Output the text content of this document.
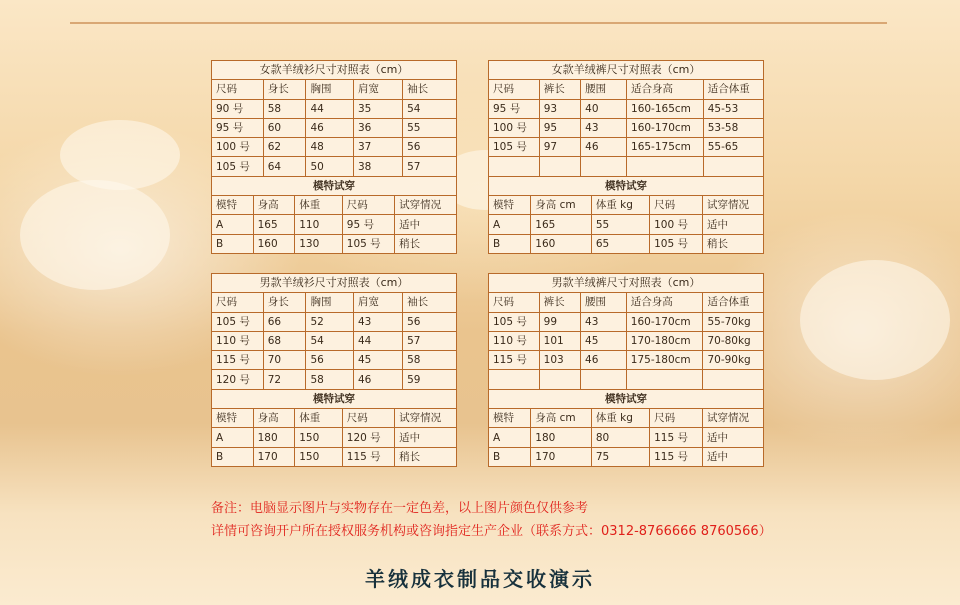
女款羊绒衫尺寸对照表（cm）				
尺码	身长	胸围	肩宽	袖长
90 号	58	44	35	54
95 号	60	46	36	55
100 号	62	48	37	56
105 号	64	50	38	57
模特试穿				
模特	身高	体重	尺码	试穿情况
A	165	110	95 号	适中
B	160	130	105 号	稍长
女款羊绒裤尺寸对照表（cm）				
尺码	裤长	腰围	适合身高	适合体重
95 号	93	40	160-165cm	45-53
100 号	95	43	160-170cm	53-58
105 号	97	46	165-175cm	55-65

模特试穿				
模特	身高 cm	体重 kg	尺码	试穿情况
A	165	55	100 号	适中
B	160	65	105 号	稍长
男款羊绒衫尺寸对照表（cm）				
尺码	身长	胸围	肩宽	袖长
105 号	66	52	43	56
110 号	68	54	44	57
115 号	70	56	45	58
120 号	72	58	46	59
模特试穿				
模特	身高	体重	尺码	试穿情况
A	180	150	120 号	适中
B	170	150	115 号	稍长
男款羊绒裤尺寸对照表（cm）				
尺码	裤长	腰围	适合身高	适合体重
105 号	99	43	160-170cm	55-70kg
110 号	101	45	170-180cm	70-80kg
115 号	103	46	175-180cm	70-90kg

模特试穿				
模特	身高 cm	体重 kg	尺码	试穿情况
A	180	80	115 号	适中
B	170	75	115 号	适中
备注：电脑显示图片与实物存在一定色差，以上图片颜色仅供参考
详情可咨询开户所在授权服务机构或咨询指定生产企业（联系方式：0312-8766666 8760566）
羊绒成衣制品交收演示
